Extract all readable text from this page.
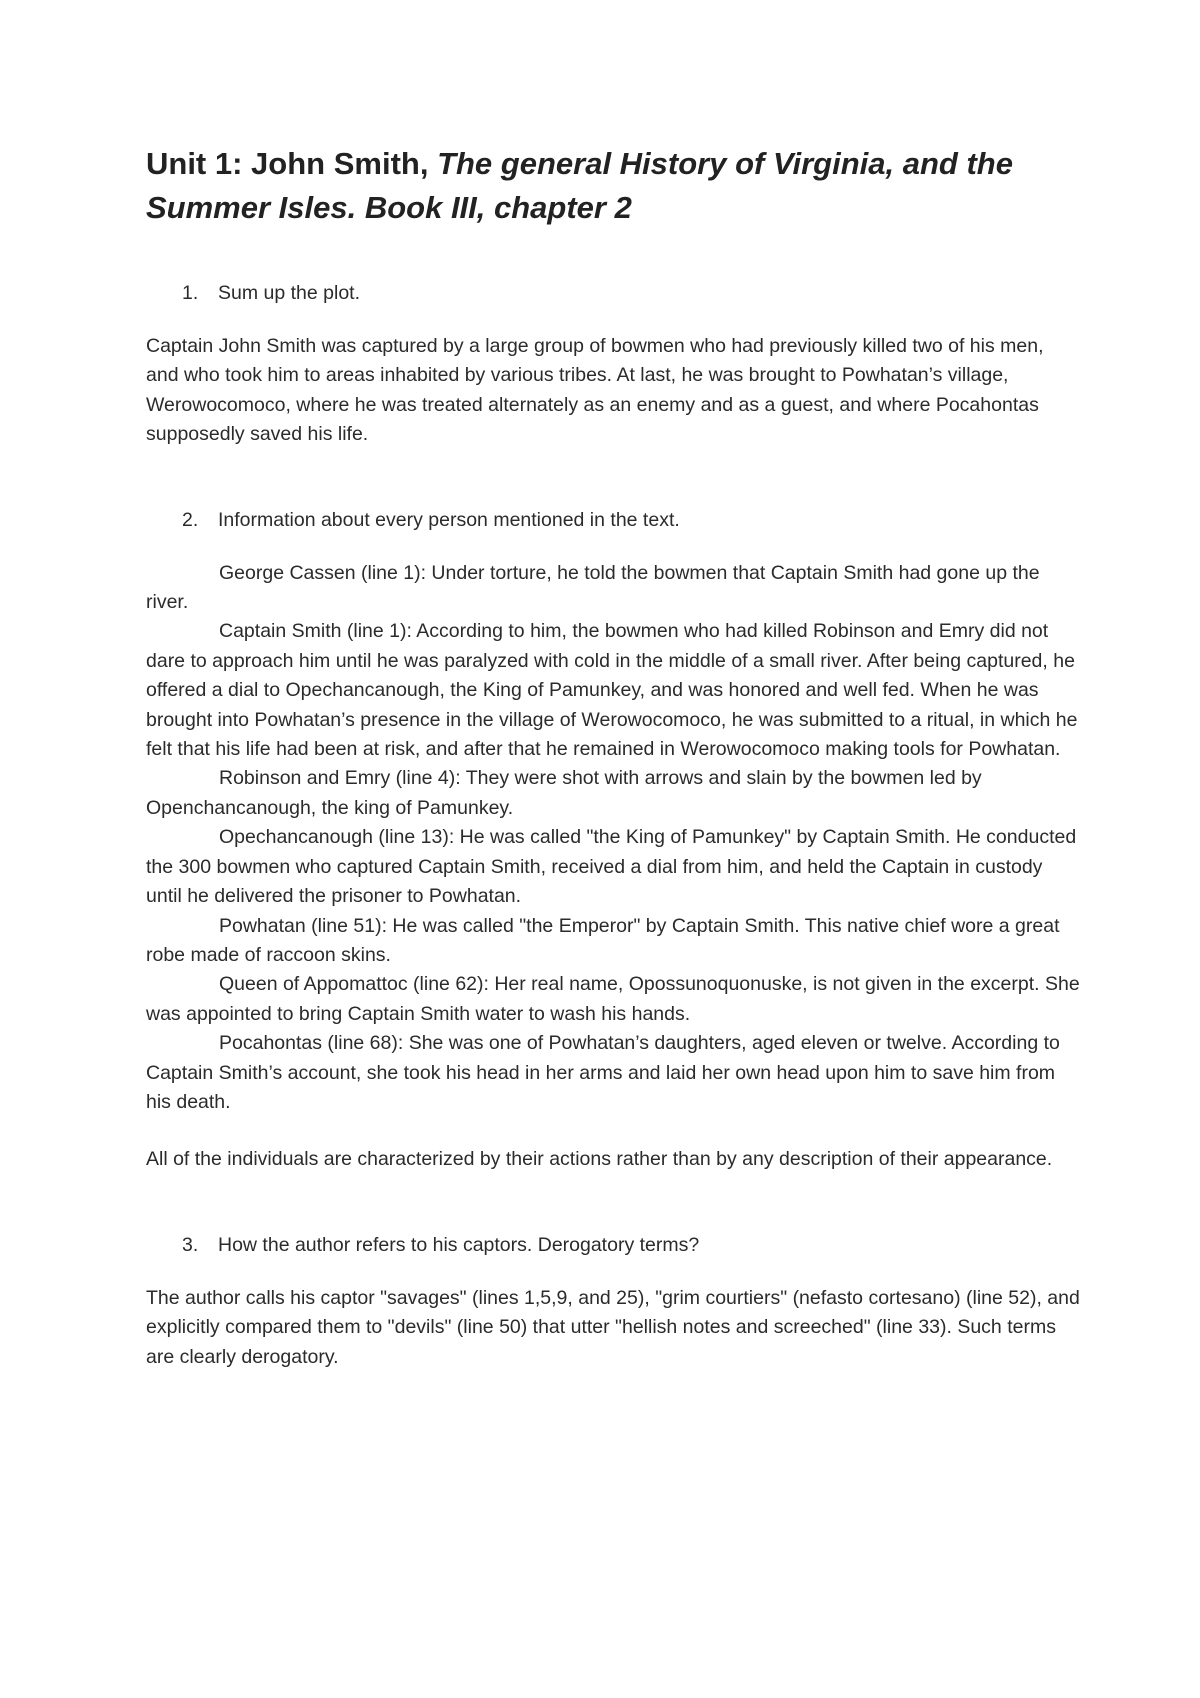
Unit 1: John Smith, The general History of Virginia, and the Summer Isles. Book III, chapter 2
1.	Sum up the plot.

Captain John Smith was captured by a large group of bowmen who had previously killed two of his men, and who took him to areas inhabited by various tribes. At last, he was brought to Powhatan’s village, Werowocomoco, where he was treated alternately as an enemy and as a guest, and where Pocahontas supposedly saved his life.

2.	Information about every person mentioned in the text.

George Cassen (line 1): Under torture, he told the bowmen that Captain Smith had gone up the river.

Captain Smith (line 1): According to him, the bowmen who had killed Robinson and Emry did not dare to approach him until he was paralyzed with cold in the middle of a small river. After being captured, he offered a dial to Opechancanough, the King of Pamunkey, and was honored and well fed. When he was brought into Powhatan’s presence in the village of Werowocomoco, he was submitted to a ritual, in which he felt that his life had been at risk, and after that he remained in Werowocomoco making tools for Powhatan.

Robinson and Emry (line 4): They were shot with arrows and slain by the bowmen led by Openchancanough, the king of Pamunkey.

Opechancanough (line 13): He was called "the King of Pamunkey" by Captain Smith. He conducted the 300 bowmen who captured Captain Smith, received a dial from him, and held the Captain in custody until he delivered the prisoner to Powhatan.

Powhatan (line 51): He was called "the Emperor" by Captain Smith. This native chief wore a great robe made of raccoon skins.

Queen of Appomattoc (line 62): Her real name, Opossunoquonuske, is not given in the excerpt. She was appointed to bring Captain Smith water to wash his hands.

Pocahontas (line 68): She was one of Powhatan’s daughters, aged eleven or twelve. According to Captain Smith’s account, she took his head in her arms and laid her own head upon him to save him from his death.

All of the individuals are characterized by their actions rather than by any description of their appearance.

3.	How the author refers to his captors. Derogatory terms?

The author calls his captor "savages" (lines 1,5,9, and 25), "grim courtiers" (nefasto cortesano) (line 52), and explicitly compared them to "devils" (line 50) that utter "hellish notes and screeched" (line 33). Such terms are clearly derogatory.
